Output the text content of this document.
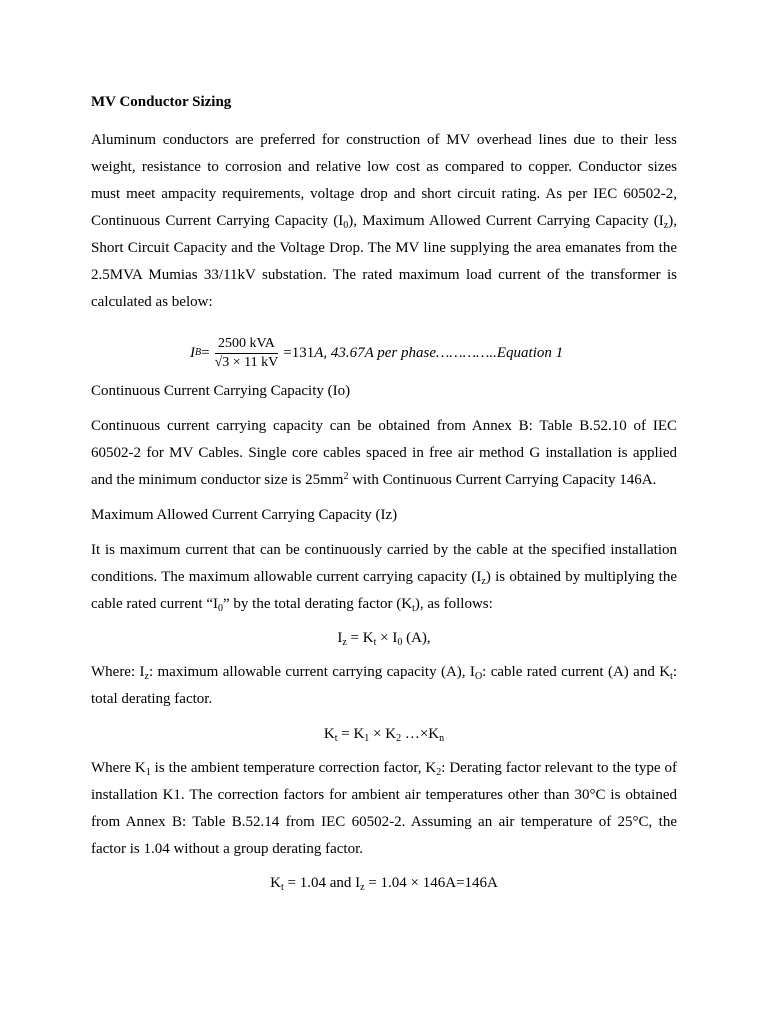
MV Conductor Sizing

Aluminum conductors are preferred for construction of MV overhead lines due to their less weight, resistance to corrosion and relative low cost as compared to copper. Conductor sizes must meet ampacity requirements, voltage drop and short circuit rating. As per IEC 60502-2, Continuous Current Carrying Capacity $(I_0)$, Maximum Allowed Current Carrying Capacity $(I_z)$, Short Circuit Capacity and the Voltage Drop. The MV line supplying the area emanates from the 2.5MVA Mumias 33/11kV substation. The rated maximum load current of the transformer is calculated as below:

I $B = \frac{\text{2500 kVA}}{√3 \times 11 kV} = 131$ A, 43.67A per phase…………..Equation 1

Continuous Current Carrying Capacity (Io)

Continuous current carrying capacity can be obtained from Annex B: Table B.52.10 of IEC 60502-2 for MV Cables. Single core cables spaced in free air method G installation is applied and the minimum conductor size is $25mm^2$ with Continuous Current Carrying Capacity 146A.

Maximum Allowed Current Carrying Capacity (Iz)

It is maximum current that can be continuously carried by the cable at the specified installation conditions. The maximum allowable current carrying capacity $(I_z)$ is obtained by multiplying the cable rated current “$I_0$” by the total derating factor $(K_t)$, as follows:

$I_z = K_t \times I_0$ (A),

Where: $I_z$: maximum allowable current carrying capacity (A), $I_O$: cable rated current (A) and $K_t$: total derating factor.

$K_t = K_1 \times K_2$ $\dots\times K_n$

Where $K_1$ is the ambient temperature correction factor, $K_2$: Derating factor relevant to the type of installation K1. The correction factors for ambient air temperatures other than 30°C is obtained from Annex B: Table B.52.14 from IEC 60502-2. Assuming an air temperature of 25°C, the factor is 1.04 without a group derating factor.

$K_t = 1.04$ and $I_z = 1.04 \times 146A=146A$
